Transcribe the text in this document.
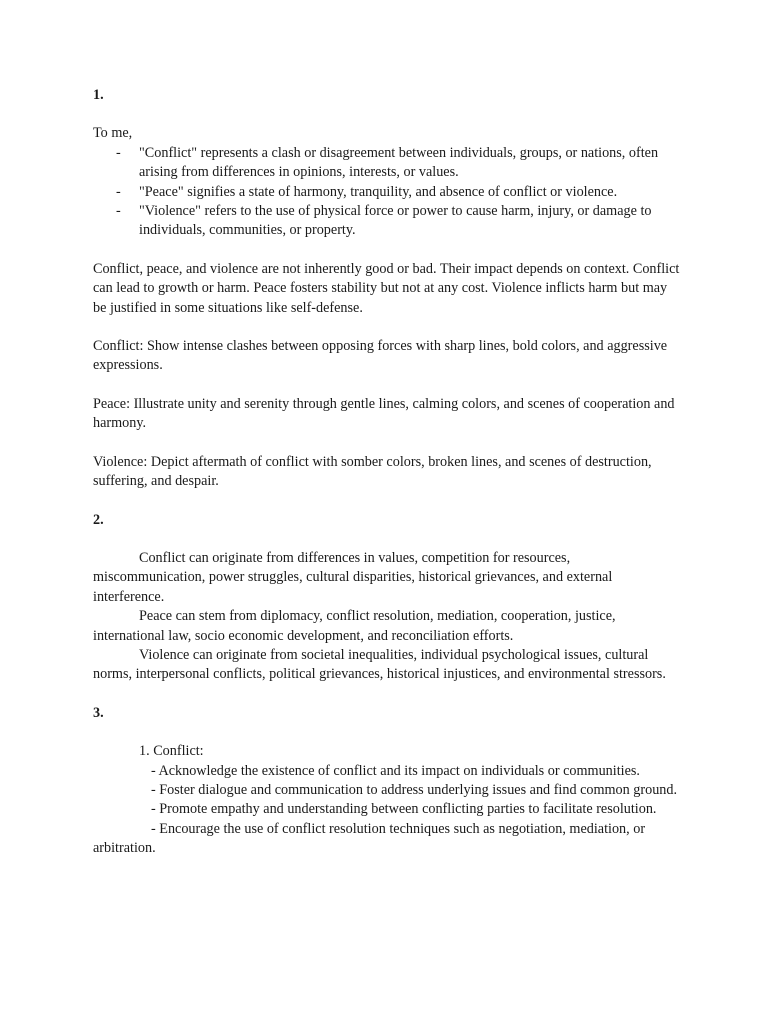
1.

To me,

- "Conflict" represents a clash or disagreement between individuals, groups, or nations, often arising from differences in opinions, interests, or values.
- "Peace" signifies a state of harmony, tranquility, and absence of conflict or violence.
- "Violence" refers to the use of physical force or power to cause harm, injury, or damage to individuals, communities, or property.

Conflict, peace, and violence are not inherently good or bad. Their impact depends on context. Conflict can lead to growth or harm. Peace fosters stability but not at any cost. Violence inflicts harm but may be justified in some situations like self-defense.

Conflict: Show intense clashes between opposing forces with sharp lines, bold colors, and aggressive expressions.

Peace: Illustrate unity and serenity through gentle lines, calming colors, and scenes of cooperation and harmony.

Violence: Depict aftermath of conflict with somber colors, broken lines, and scenes of destruction, suffering, and despair.

2.

Conflict can originate from differences in values, competition for resources, miscommunication, power struggles, cultural disparities, historical grievances, and external interference.

Peace can stem from diplomacy, conflict resolution, mediation, cooperation, justice, international law, socio economic development, and reconciliation efforts.

Violence can originate from societal inequalities, individual psychological issues, cultural norms, interpersonal conflicts, political grievances, historical injustices, and environmental stressors.

3.

1. Conflict:

- Acknowledge the existence of conflict and its impact on individuals or communities.

- Foster dialogue and communication to address underlying issues and find common ground.

- Promote empathy and understanding between conflicting parties to facilitate resolution.

- Encourage the use of conflict resolution techniques such as negotiation, mediation, or arbitration.
